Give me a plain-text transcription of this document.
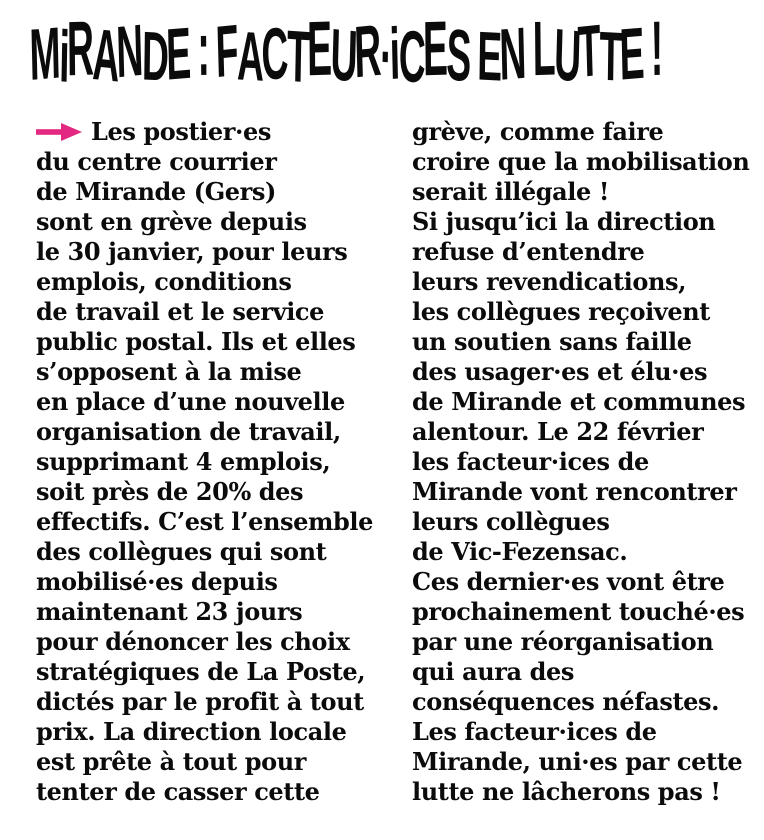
MiRANDE : FACTEUR·iCES EN LUTTE !
Les postier·es
du centre courrier
de Mirande (Gers)
sont en grève depuis
le 30 janvier, pour leurs
emplois, conditions
de travail et le service
public postal. Ils et elles
s’opposent à la mise
en place d’une nouvelle
organisation de travail,
supprimant 4 emplois,
soit près de 20% des
effectifs. C’est l’ensemble
des collègues qui sont
mobilisé·es depuis
maintenant 23 jours
pour dénoncer les choix
stratégiques de La Poste,
dictés par le profit à tout
prix. La direction locale
est prête à tout pour
tenter de casser cette
grève, comme faire
croire que la mobilisation
serait illégale !
Si jusqu’ici la direction
refuse d’entendre
leurs revendications,
les collègues reçoivent
un soutien sans faille
des usager·es et élu·es
de Mirande et communes
alentour. Le 22 février
les facteur·ices de
Mirande vont rencontrer
leurs collègues
de Vic-Fezensac.
Ces dernier·es vont être
prochainement touché·es
par une réorganisation
qui aura des
conséquences néfastes.
Les facteur·ices de
Mirande, uni·es par cette
lutte ne lâcherons pas !
